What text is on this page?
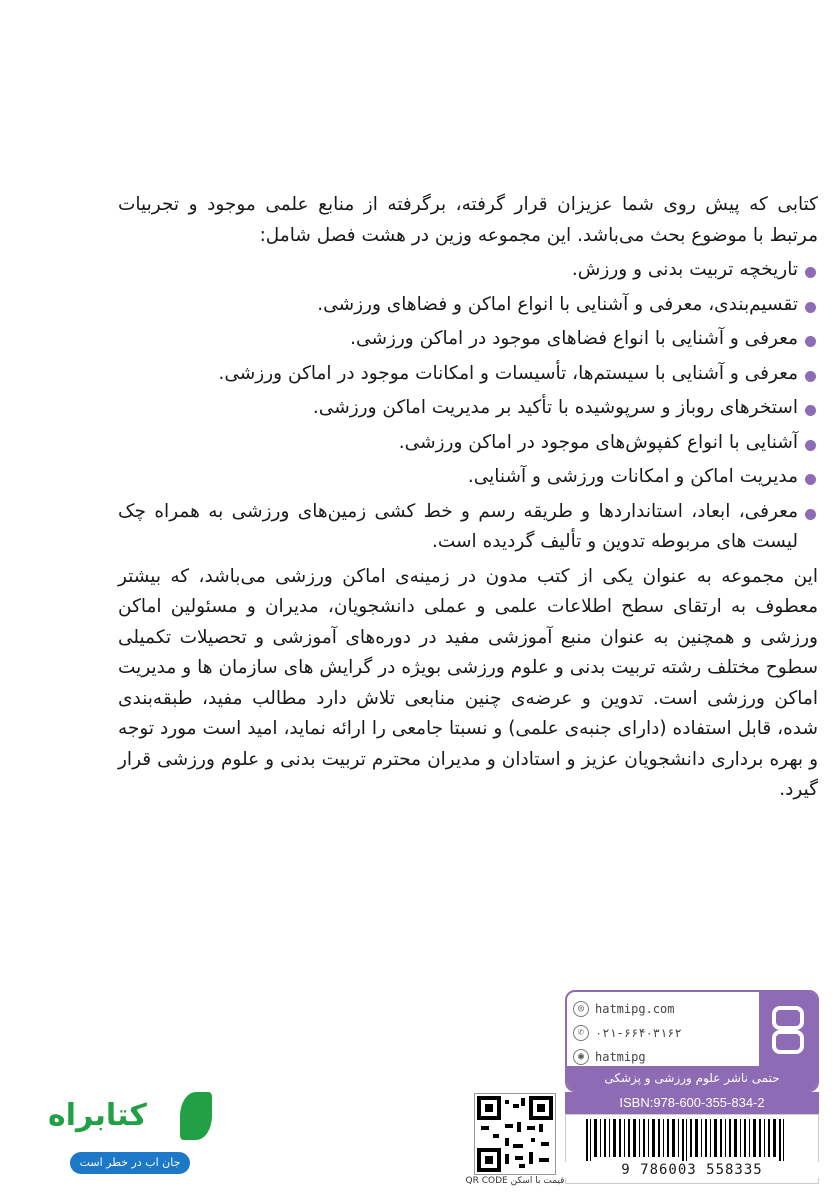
کتابی که پیش روی شما عزیزان قرار گرفته، برگرفته از منابع علمی موجود و تجربیات مرتبط با موضوع بحث می‌باشد. این مجموعه وزین در هشت فصل شامل:

تاریخچه تربیت بدنی و ورزش.
تقسیم‌بندی، معرفی و آشنایی با انواع اماکن و فضاهای ورزشی.
معرفی و آشنایی با انواع فضاهای موجود در اماکن ورزشی.
معرفی و آشنایی با سیستم‌ها، تأسیسات و امکانات موجود در اماکن ورزشی.
استخرهای روباز و سرپوشیده با تأکید بر مدیریت اماکن ورزشی.
آشنایی با انواع کفپوش‌های موجود در اماکن ورزشی.
مدیریت اماکن و امکانات ورزشی و آشنایی.
معرفی، ابعاد، استانداردها و طریقه رسم و خط کشی زمین‌های ورزشی به همراه چک لیست های مربوطه تدوین و تألیف گردیده است.

این مجموعه به عنوان یکی از کتب مدون در زمینه‌ی اماکن ورزشی می‌باشد، که بیشتر معطوف به ارتقای سطح اطلاعات علمی و عملی دانشجویان، مدیران و مسئولین اماکن ورزشی و همچنین به عنوان منبع آموزشی مفید در دوره‌های آموزشی و تحصیلات تکمیلی سطوح مختلف رشته تربیت بدنی و علوم ورزشی بویژه در گرایش های سازمان ها و مدیریت اماکن ورزشی است. تدوین و عرضه‌ی چنین منابعی تلاش دارد مطالب مفید، طبقه‌بندی شده، قابل استفاده (دارای جنبه‌ی علمی) و نسبتا جامعی را ارائه نماید، امید است مورد توجه و بهره برداری دانشجویان عزیز و استادان و مدیران محترم تربیت بدنی و علوم ورزشی قرار گیرد.

◎ hatmipg.com
✆ ۰۲۱-۶۶۴۰۳۱۶۲
◉ hatmipg
حتمی ناشر علوم ورزشی و پزشکی
ISBN:978-600-355-834-2
9 786003 558335
قیمت با اسکن QR CODE
کتابراه
جان اب در خطر است
